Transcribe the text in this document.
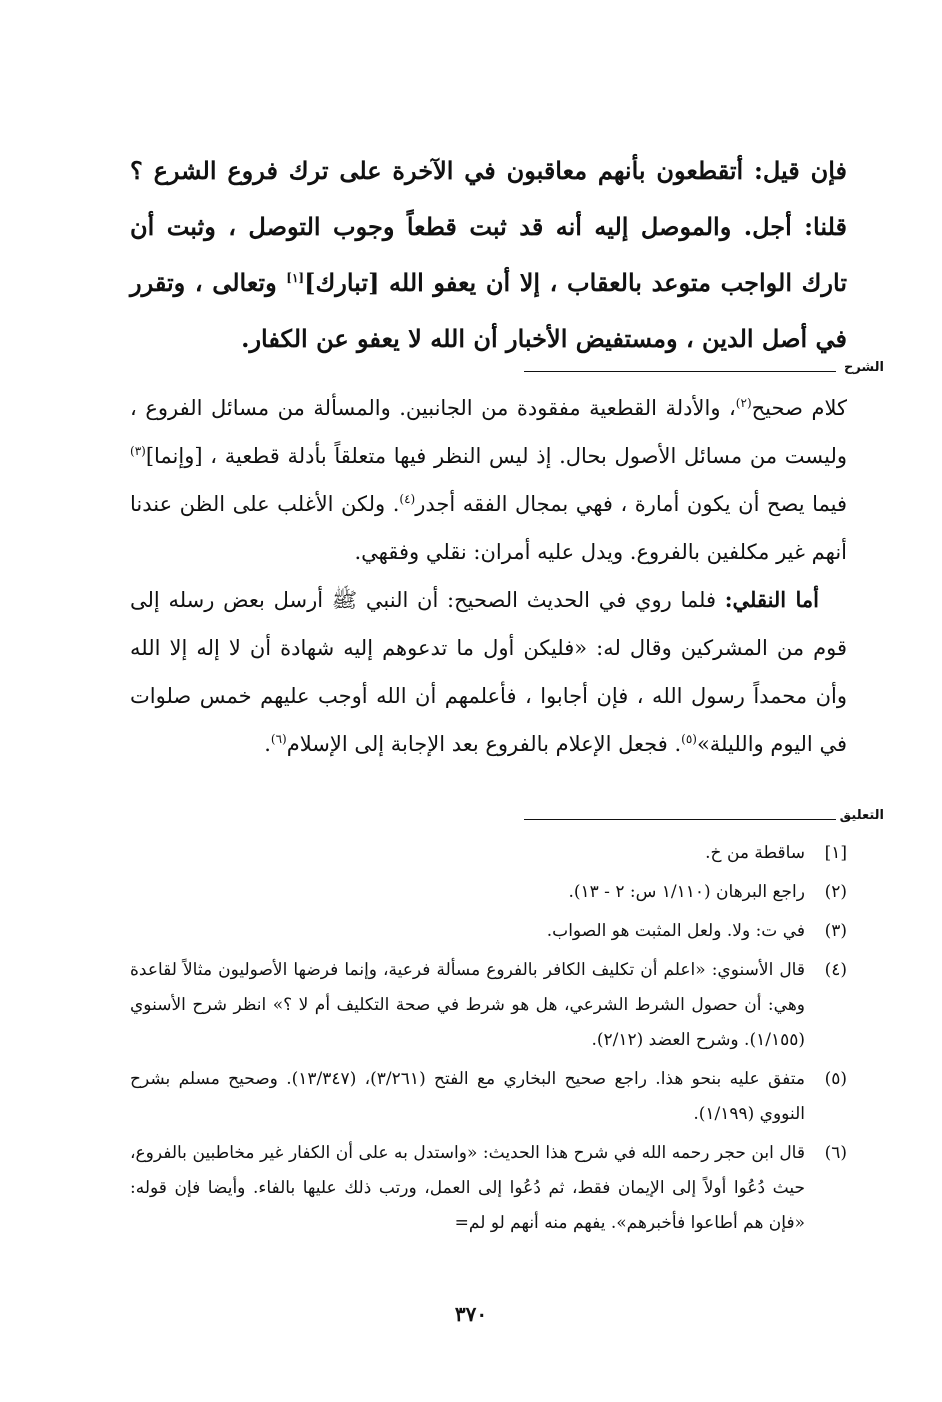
فإن قيل: أتقطعون بأنهم معاقبون في الآخرة على ترك فروع الشرع ؟ قلنا: أجل. والموصل إليه أنه قد ثبت قطعاً وجوب التوصل ، وثبت أن تارك الواجب متوعد بالعقاب ، إلا أن يعفو الله [تبارك][١] وتعالى ، وتقرر في أصل الدين ، ومستفيض الأخبار أن الله لا يعفو عن الكفار.

الشرح

كلام صحيح$^{(٢)}$، والأدلة القطعية مفقودة من الجانبين. والمسألة من مسائل الفروع ، وليست من مسائل الأصول بحال. إذ ليس النظر فيها متعلقاً بأدلة قطعية ، [وإنما]$^{(٣)}$ فيما يصح أن يكون أمارة ، فهي بمجال الفقه أجدر$^{(٤)}$. ولكن الأغلب على الظن عندنا أنهم غير مكلفين بالفروع. ويدل عليه أمران: نقلي وفقهي.

أما النقلي: فلما روي في الحديث الصحيح: أن النبي ﷺ أرسل بعض رسله إلى قوم من المشركين وقال له: «فليكن أول ما تدعوهم إليه شهادة أن لا إله إلا الله وأن محمداً رسول الله ، فإن أجابوا ، فأعلمهم أن الله أوجب عليهم خمس صلوات في اليوم والليلة»$^{(٥)}$. فجعل الإعلام بالفروع بعد الإجابة إلى الإسلام$^{(٦)}$.

التعليق
[١]
ساقطة من خ.
(٢)
راجع البرهان (١/١١٠ س: ٢ - ١٣).
(٣)
في ت: ولا. ولعل المثبت هو الصواب.
(٤)
قال الأسنوي: «اعلم أن تكليف الكافر بالفروع مسألة فرعية، وإنما فرضها الأصوليون مثالاً لقاعدة وهي: أن حصول الشرط الشرعي، هل هو شرط في صحة التكليف أم لا ؟» انظر شرح الأسنوي (١/١٥٥). وشرح العضد (٢/١٢).
(٥)
متفق عليه بنحو هذا. راجع صحيح البخاري مع الفتح (٣/٢٦١)، (١٣/٣٤٧). وصحيح مسلم بشرح النووي (١/١٩٩).
(٦)
قال ابن حجر رحمه الله في شرح هذا الحديث: «واستدل به على أن الكفار غير مخاطبين بالفروع، حيث دُعُوا أولاً إلى الإيمان فقط، ثم دُعُوا إلى العمل، ورتب ذلك عليها بالفاء. وأيضا فإن قوله: «فإن هم أطاعوا فأخبرهم». يفهم منه أنهم لو لم=
٣٧٠
